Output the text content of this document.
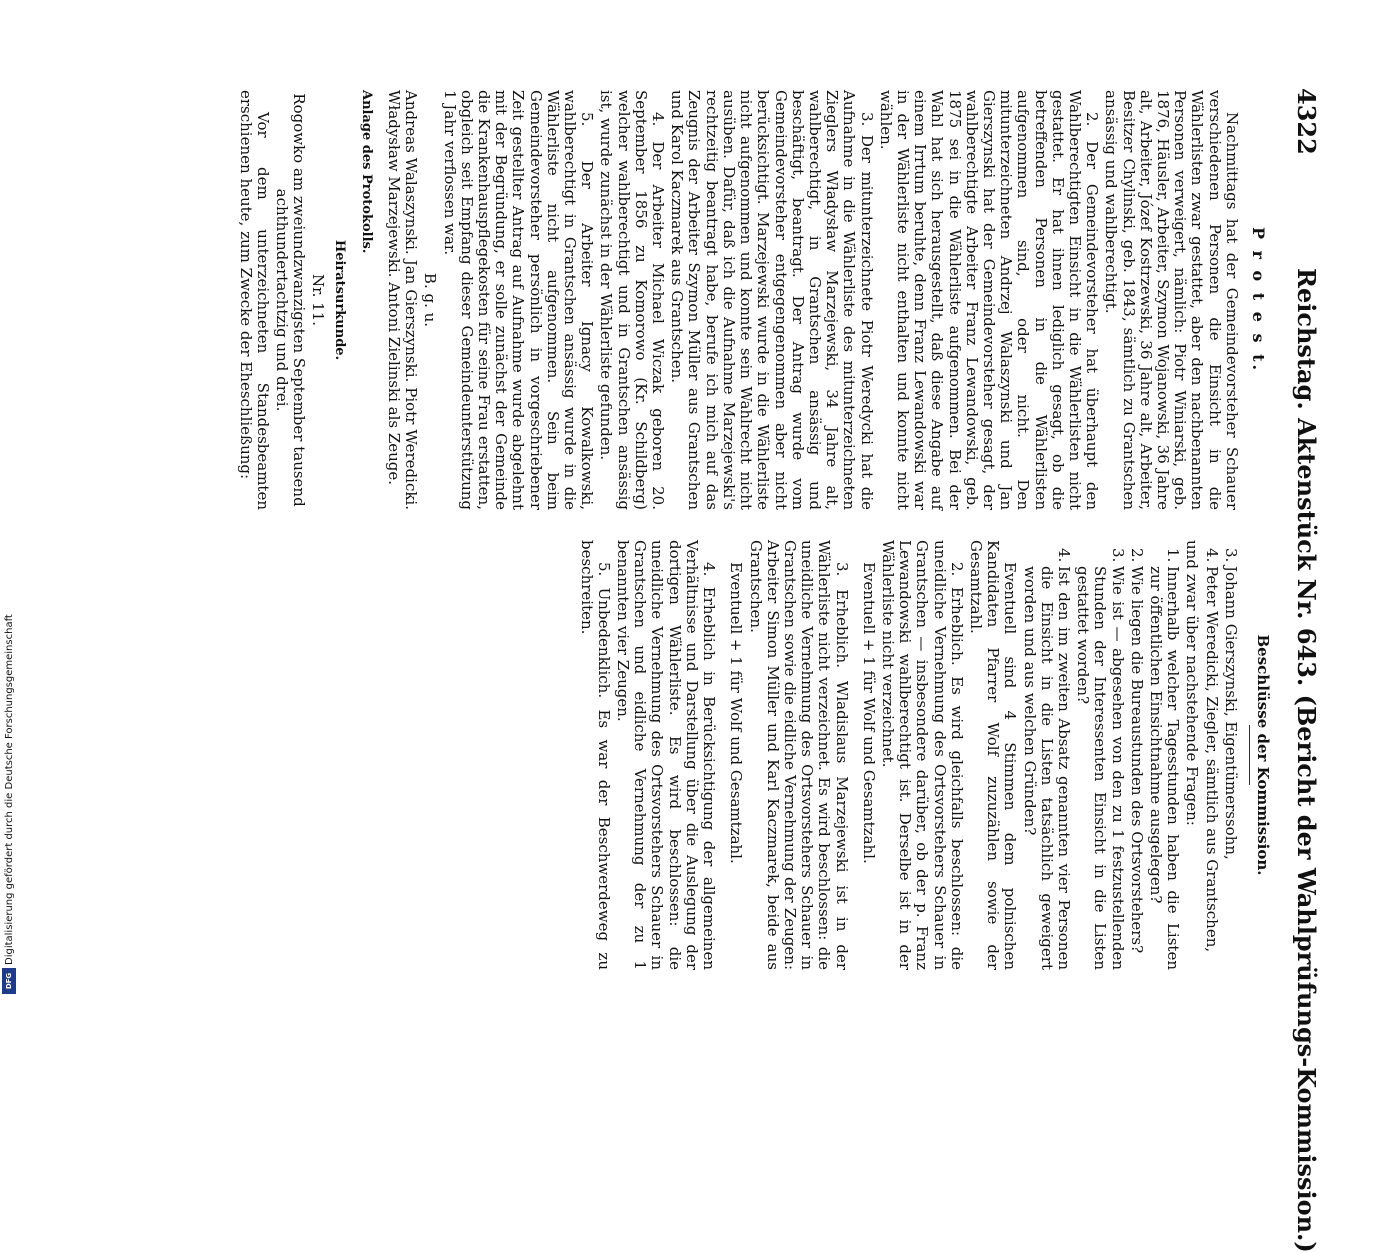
4322
Reichstag. Aktenstück Nr. 643. (Bericht der Wahlprüfungs-Kommission.)
P r o t e s t.

Nachmittags hat der Gemeindevorsteher Schauer verschiedenen Personen die Einsicht in die Wählerlisten zwar gestattet, aber den nachbenannten Personen verweigert, nämlich: Piotr Winiarski, geb. 1876, Häusler, Arbeiter, Szymon Wojanowski, 36 Jahre alt, Arbeiter, Józef Kostrzewski, 36 Jahre alt, Arbeiter, Besitzer Chylinski, geb. 1843, sämtlich zu Grantschen ansässig und wahlberechtigt.

2. Der Gemeindevorsteher hat überhaupt den Wahlberechtigten Einsicht in die Wählerlisten nicht gestattet. Er hat ihnen lediglich gesagt, ob die betreffenden Personen in die Wählerlisten aufgenommen sind, oder nicht. Den mitunterzeichneten Andrzej Walaszynski und Jan Gierszynski hat der Gemeindevorsteher gesagt, der wahlberechtigte Arbeiter Franz Lewandowski, geb. 1875 sei in die Wählerliste aufgenommen. Bei der Wahl hat sich herausgestellt, daß diese Angabe auf einem Irrtum beruhte, denn Franz Lewandowski war in der Wählerliste nicht enthalten und konnte nicht wählen.

3. Der mitunterzeichnete Piotr Weredycki hat die Aufnahme in die Wählerliste des mitunterzeichneten Zieglers Władysław Marzejewski, 34 Jahre alt, wahlberechtigt, in Grantschen ansässig und beschäftigt, beantragt. Der Antrag wurde vom Gemeindevorsteher entgegengenommen aber nicht berücksichtigt. Marzejewski wurde in die Wählerliste nicht aufgenommen und konnte sein Wahlrecht nicht ausüben. Dafür, daß ich die Aufnahme Marzejewski's rechtzeitig beantragt habe, berufe ich mich auf das Zeugnis der Arbeiter Szymon Müller aus Grantschen und Karol Kaczmarek aus Grantschen.

4. Der Arbeiter Michael Wiczak geboren 20. September 1856 zu Komorowo (Kr. Schildberg) welcher wahlberechtigt und in Grantschen ansässig ist, wurde zunächst in der Wählerliste gefunden.

5. Der Arbeiter Ignacy Kowalkowski, wahlberechtigt in Grantschen ansässig wurde in die Wählerliste nicht aufgenommen. Sein beim Gemeindevorsteher persönlich in vorgeschriebener Zeit gestellter Antrag auf Aufnahme wurde abgelehnt mit der Begründung, er solle zunächst der Gemeinde die Krankenhauspflegekosten für seine Frau erstatten, obgleich seit Empfang dieser Gemeindeunterstützung 1 Jahr verflossen war.

B. g. u.

Andreas Walaszynski. Jan Gierszynski. Piotr Weredicki. Władysław Marzejewski. Antoni Zielinski als Zeuge.

Anlage des Protokolls.
Heiratsurkunde.

Nr. 11.

Rogowko am zweiundzwanzigsten September tausend achthundertachtzig und drei.

Vor dem unterzeichneten Standesbeamten erschienen heute, zum Zwecke der Eheschließung:

Beschlüsse der Kommission.

3.
Johann Gierszynski, Eigentümerssohn,

4.
Peter Weredicki, Ziegler, sämtlich aus Grantschen,

und zwar über nachstehende Fragen:

1.
Innerhalb welcher Tagesstunden haben die Listen zur öffentlichen Einsichtnahme ausgelegen?

2.
Wie liegen die Bureaustunden des Ortsvorstehers?

3.
Wie ist — abgesehen von den zu 1 festzustellenden Stunden der Interessenten Einsicht in die Listen gestattet worden?

4.
Ist den im zweiten Absatz genannten vier Personen die Einsicht in die Listen tatsächlich geweigert worden und aus welchen Gründen?

Eventuell sind 4 Stimmen dem polnischen Kandidaten Pfarrer Wolf zuzuzählen sowie der Gesamtzahl.

2. Erheblich. Es wird gleichfalls beschlossen: die uneidliche Vernehmung des Ortsvorstehers Schauer in Grantschen — insbesondere darüber, ob der p. Franz Lewandowski wahlberechtigt ist. Derselbe ist in der Wählerliste nicht verzeichnet.

Eventuell + 1 für Wolf und Gesamtzahl.

3. Erheblich. Wladislaus Marzejewski ist in der Wählerliste nicht verzeichnet. Es wird beschlossen: die uneidliche Vernehmung des Ortsvorstehers Schauer in Grantschen sowie die eidliche Vernehmung der Zeugen: Arbeiter Simon Müller und Karl Kaczmarek, beide aus Grantschen.

Eventuell + 1 für Wolf und Gesamtzahl.

4. Erheblich in Berücksichtigung der allgemeinen Verhältnisse und Darstellung über die Auslegung der dortigen Wählerliste. Es wird beschlossen: die uneidliche Vernehmung des Ortsvorstehers Schauer in Grantschen und eidliche Vernehmung der zu 1 benannten vier Zeugen.

5. Unbedenklich. Es war der Beschwerdeweg zu beschreiten.

Digitalisierung gefördert durch die Deutsche Forschungsgemeinschaft
DFG
